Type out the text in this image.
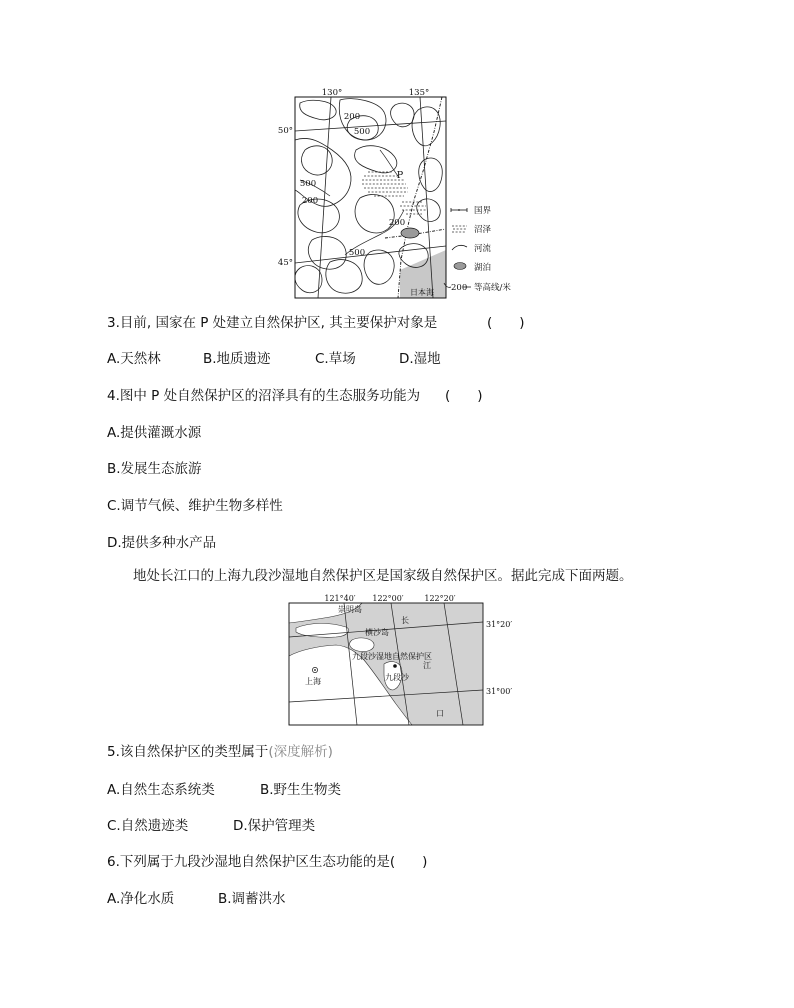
130°	135°
50°
45°
200
500
500
200
200
500
P
日本海
国界
沼泽
河流
湖泊
200 等高线/米
3.目前, 国家在 P 处建立自然保护区, 其主要保护对象是	(　　)
A.天然林	B.地质遗迹	C.草场	D.湿地
4.图中 P 处自然保护区的沼泽具有的生态服务功能为 (　　)
A.提供灌溉水源
B.发展生态旅游
C.调节气候、维护生物多样性
D.提供多种水产品
地处长江口的上海九段沙湿地自然保护区是国家级自然保护区。据此完成下面两题。
121°40′ 122°00′	122°20′
31°20′
31°00′
崇明岛
长
横沙岛
九段沙湿地自然保护区
江
上海	九段沙
口
5.该自然保护区的类型属于(深度解析)
A.自然生态系统类	B.野生生物类
C.自然遗迹类	D.保护管理类
6.下列属于九段沙湿地自然保护区生态功能的是(　　)
A.净化水质	B.调蓄洪水
